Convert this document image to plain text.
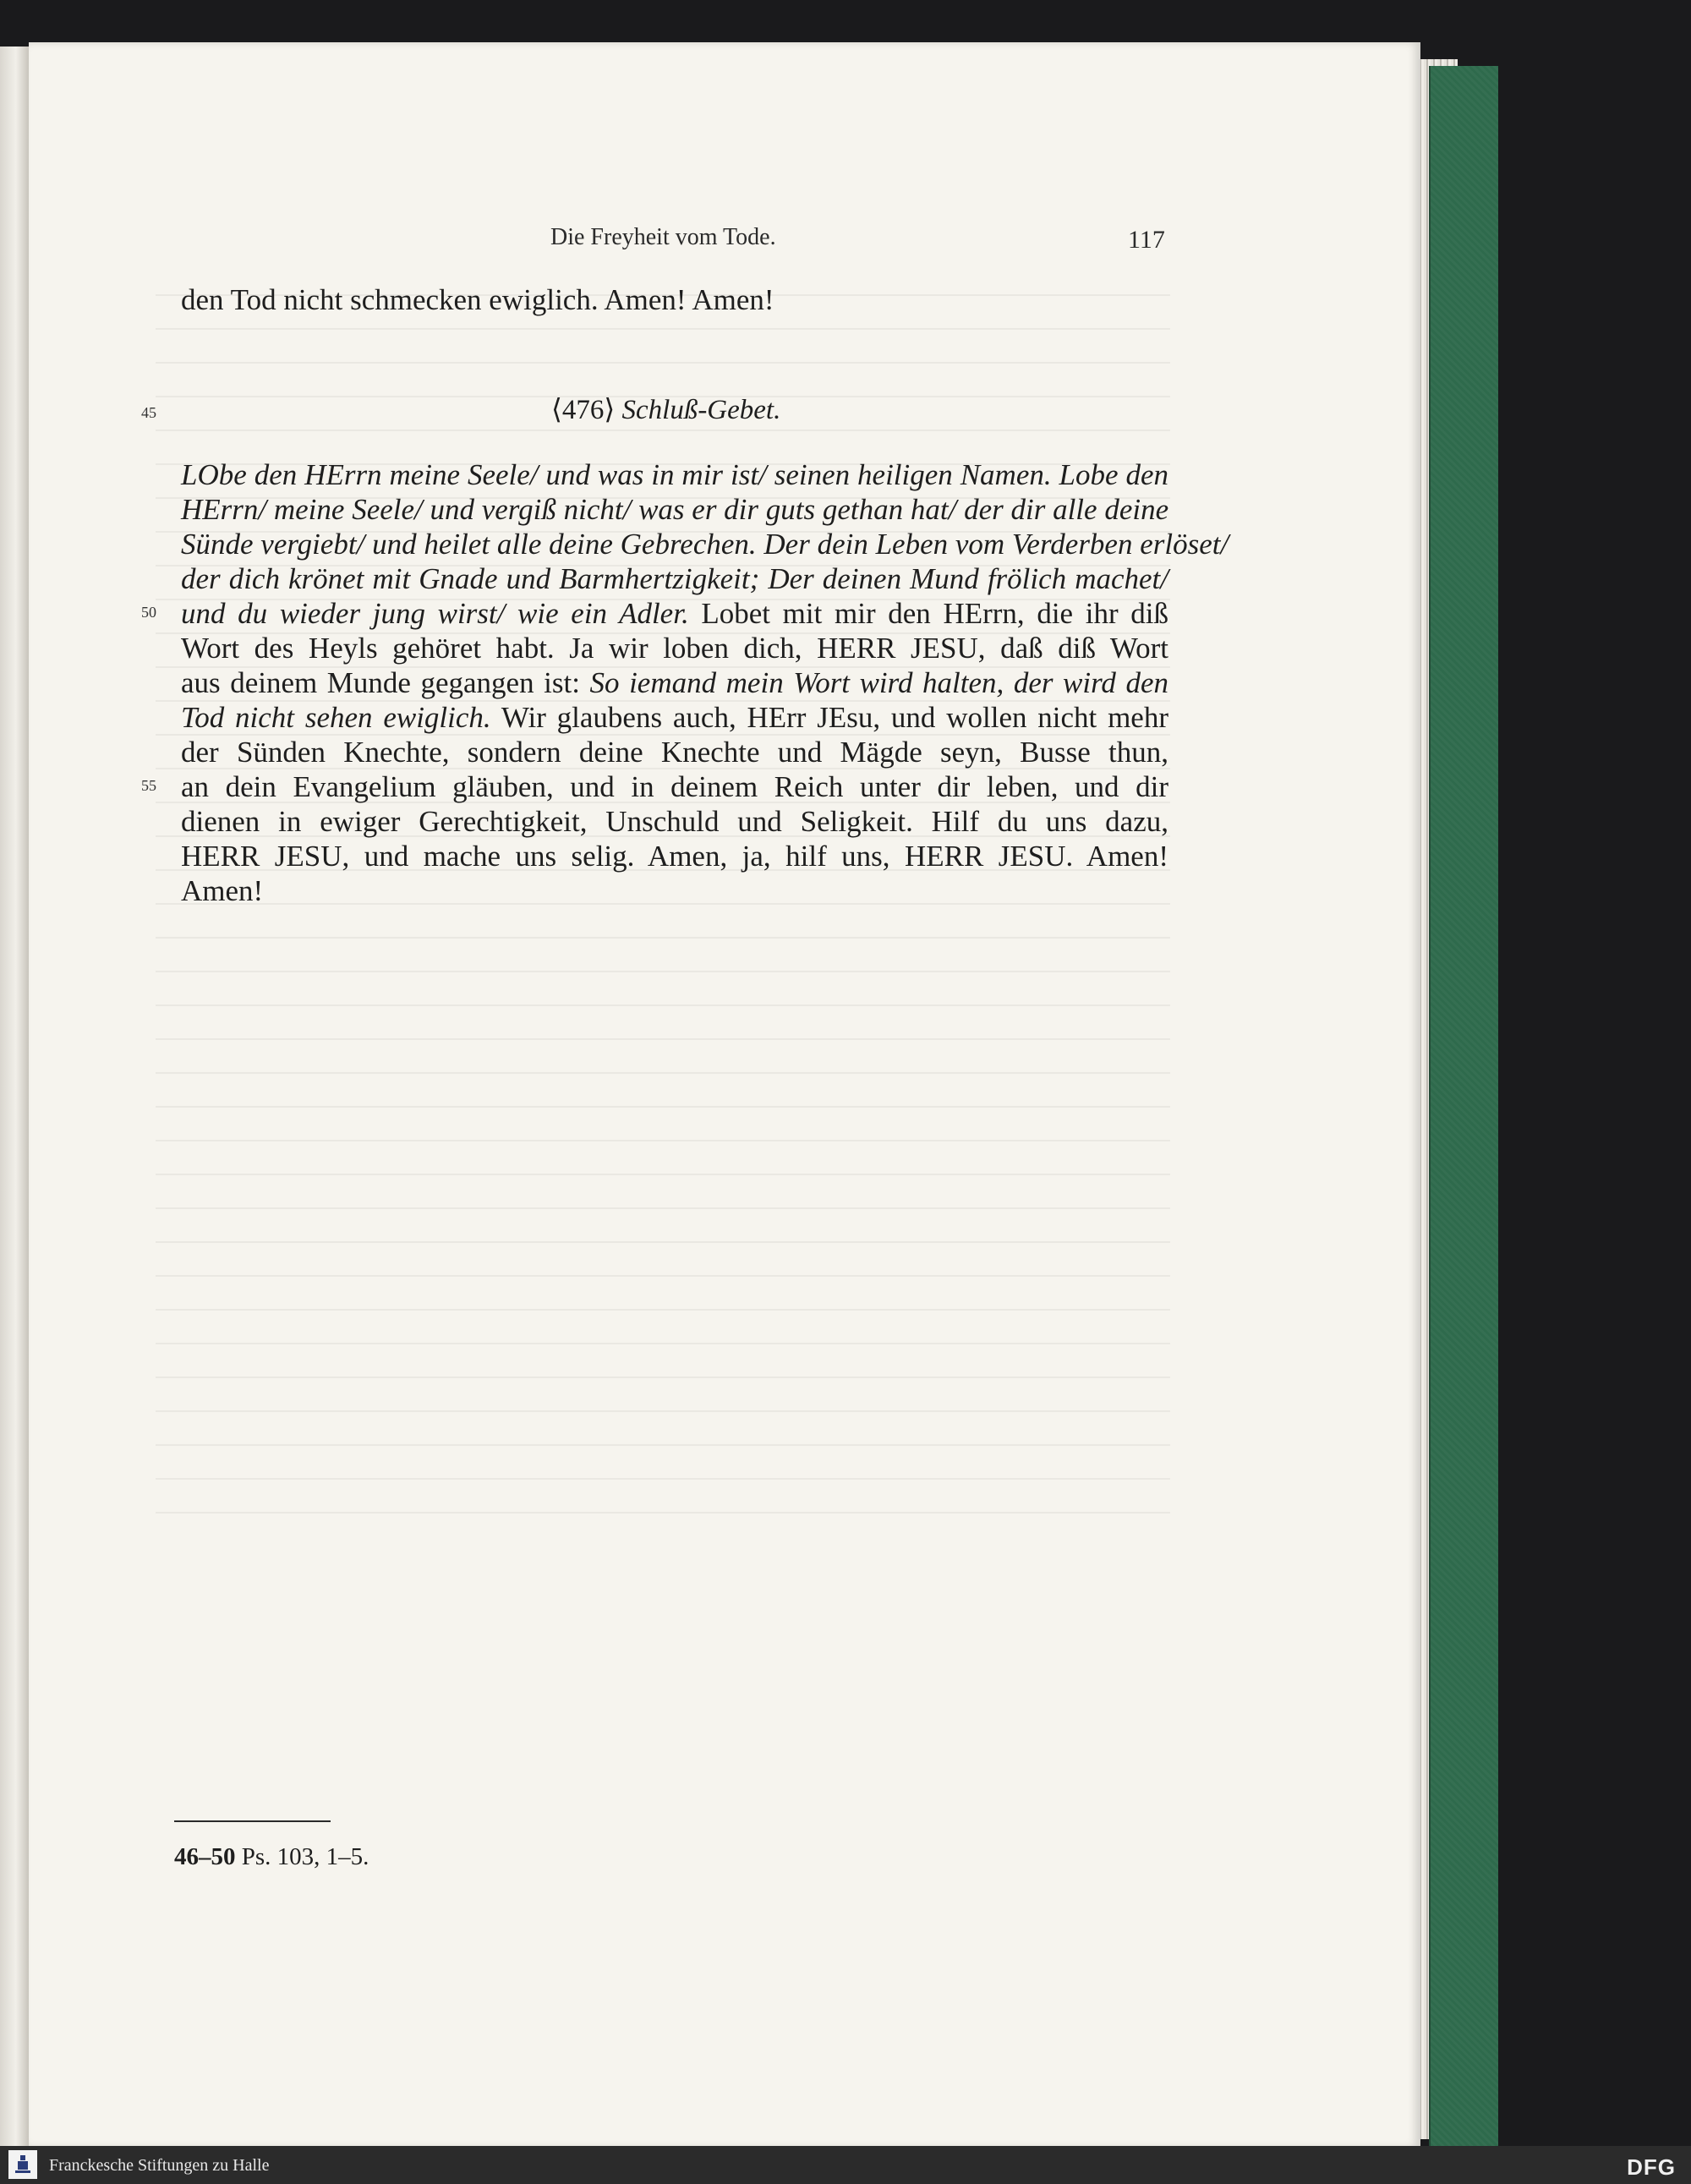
Die Freyheit vom Tode.	117
den Tod nicht schmecken ewiglich. Amen! Amen!
45	⟨476⟩ Schluß-Gebet.
LObe den HErrn meine Seele/ und was in mir ist/ seinen heiligen Namen. Lobe den
HErrn/ meine Seele/ und vergiß nicht/ was er dir guts gethan hat/ der dir alle deine
Sünde vergiebt/ und heilet alle deine Gebrechen. Der dein Leben vom Verderben erlöset/
der dich krönet mit Gnade und Barmhertzigkeit; Der deinen Mund frölich machet/
50 und du wieder jung wirst/ wie ein Adler. Lobet mit mir den HErrn, die ihr diß
Wort des Heyls gehöret habt. Ja wir loben dich, HERR JESU, daß diß Wort
aus deinem Munde gegangen ist: So iemand mein Wort wird halten, der wird den
Tod nicht sehen ewiglich. Wir glaubens auch, HErr JEsu, und wollen nicht mehr
der Sünden Knechte, sondern deine Knechte und Mägde seyn, Busse thun,
55 an dein Evangelium gläuben, und in deinem Reich unter dir leben, und dir
dienen in ewiger Gerechtigkeit, Unschuld und Seligkeit. Hilf du uns dazu,
HERR JESU, und mache uns selig. Amen, ja, hilf uns, HERR JESU. Amen!
Amen!
46–50 Ps. 103, 1–5.
Franckesche Stiftungen zu Halle	DFG
